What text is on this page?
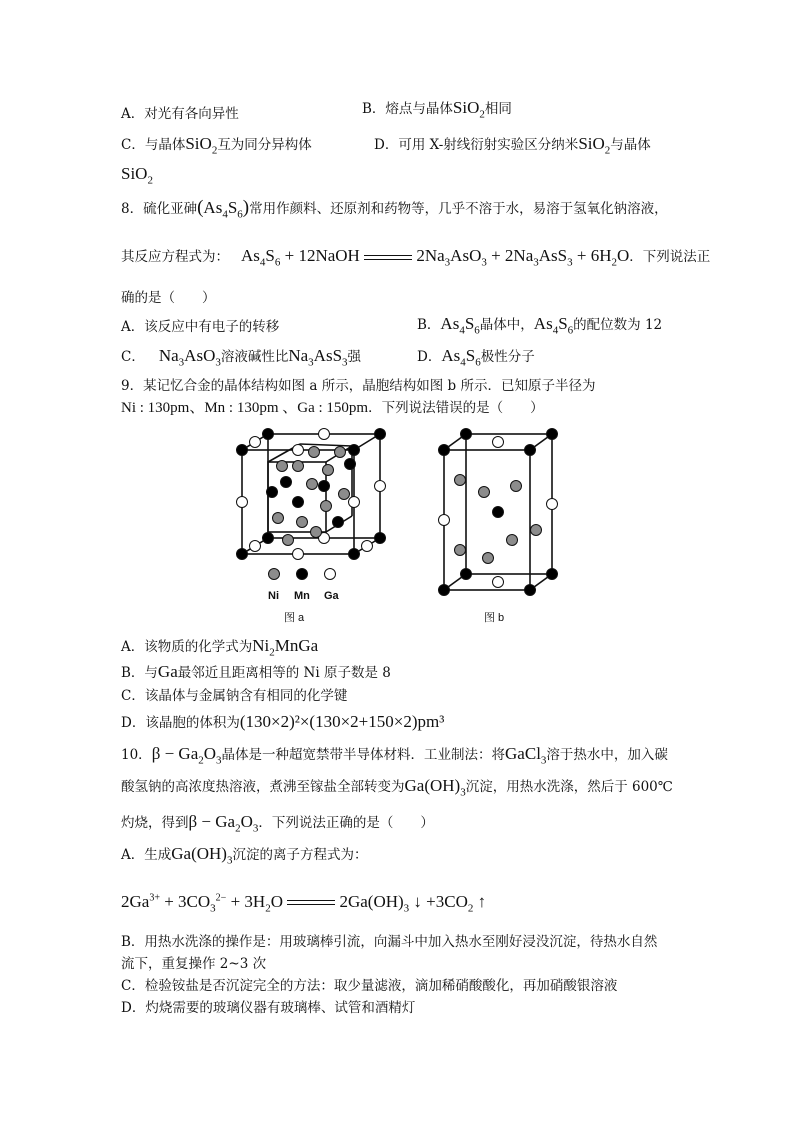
A．对光有各向异性	B．熔点与晶体SiO$_2$相同
C．与晶体SiO$_2$互为同分异构体	D．可用 X-射线衍射实验区分纳米SiO$_2$与晶体
SiO$_2$
8．硫化亚砷$(As_4S_6)$常用作颜料、还原剂和药物等，几乎不溶于水，易溶于氢氧化钠溶液，
其反应方程式为： $As_4S_6$ + 12NaOH	$2Na_3AsO_3 + 2Na_3AsS_3 + 6H_2O$．下列说法正
确的是（　　）
A．该反应中有电子的转移	B．$As_4S_6$晶体中，$As_4S_6$的配位数为 12
C． $Na_3AsO_3$溶液碱性比$Na_3AsS_3$强	D．$As_4S_6$极性分子
9．某记忆合金的晶体结构如图 a 所示，晶胞结构如图 b 所示．已知原子半径为
Ni : 130pm、Mn : 130pm 、Ga : 150pm．下列说法错误的是（　　）
Ni Mn Ga
图 a	图 b
A．该物质的化学式为$Ni_2MnGa$
B．与Ga最邻近且距离相等的 Ni 原子数是 8
C．该晶体与金属钠含有相同的化学键
D．该晶胞的体积为(130×2)²×(130×2+150×2)pm³
10．$\beta - Ga_2O_3$晶体是一种超宽禁带半导体材料．工业制法：将GaCl$_3$溶于热水中，加入碳
酸氢钠的高浓度热溶液，煮沸至镓盐全部转变为$Ga(OH)_3$沉淀，用热水洗涤，然后于 600℃
灼烧，得到$\beta - Ga_2O_3$．下列说法正确的是（　　）
A．生成$Ga(OH)_3$沉淀的离子方程式为：
$2Ga^{3+} + 3CO_3^{2-} + 3H_2O$	$2Ga(OH)_3$ ↓ $+3CO_2$ ↑
B．用热水洗涤的操作是：用玻璃棒引流，向漏斗中加入热水至刚好浸没沉淀，待热水自然
流下，重复操作 2~3 次
C．检验铵盐是否沉淀完全的方法：取少量滤液，滴加稀硝酸酸化，再加硝酸银溶液
D．灼烧需要的玻璃仪器有玻璃棒、试管和酒精灯
